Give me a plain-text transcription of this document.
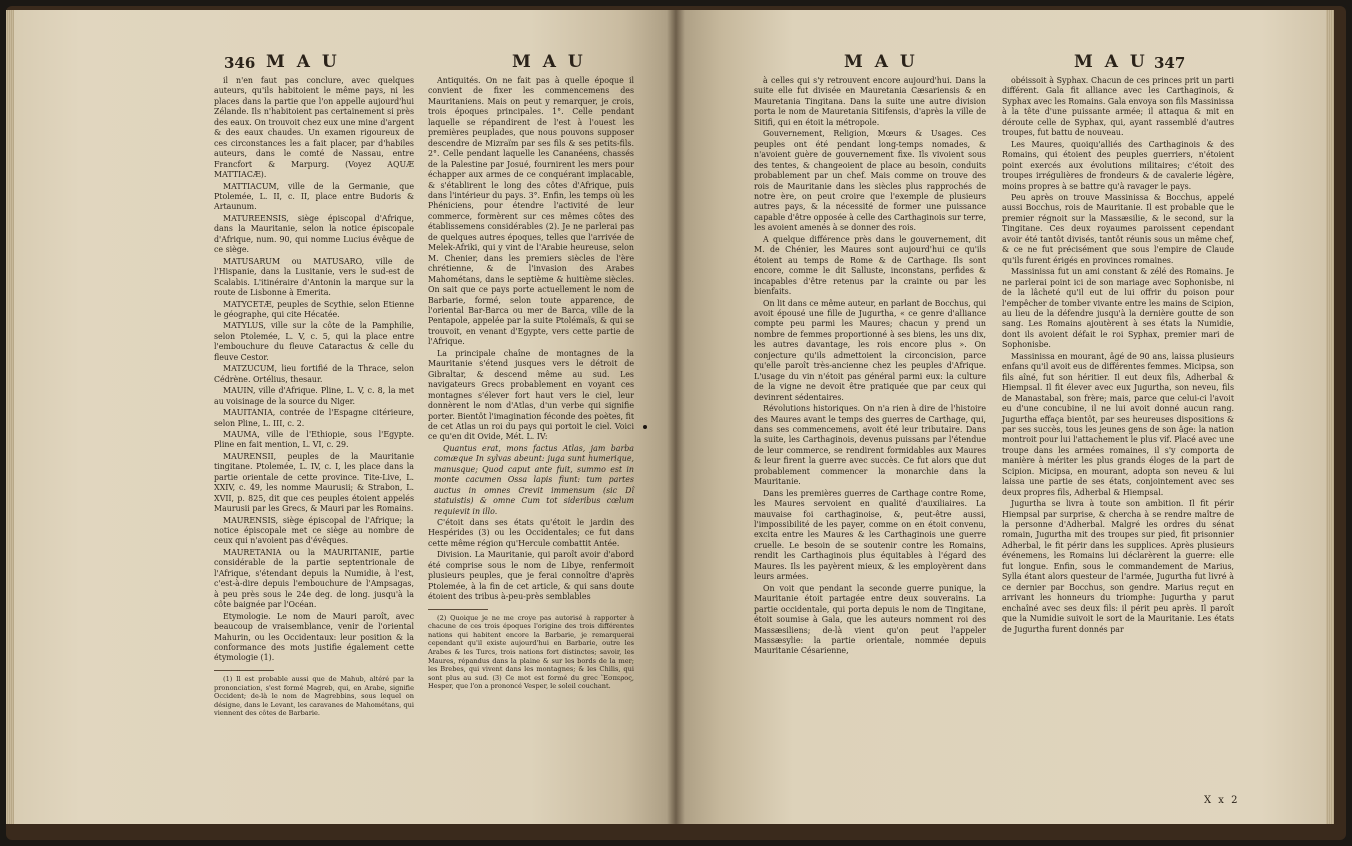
346 M A U	M A U

il n'en faut pas conclure, avec quelques auteurs, qu'ils habitoient le même pays, ni les places dans la partie que l'on appelle aujourd'hui Zélande. Ils n'habitoient pas certainement si près des eaux. On trouvoit chez eux une mine d'argent & des eaux chaudes. Un examen rigoureux de ces circonstances les a fait placer, par d'habiles auteurs, dans le comté de Nassau, entre Francfort & Marpurg. (Voyez AQUÆ MATTIACÆ).

MATTIACUM, ville de la Germanie, que Ptolemée, L. II, c. II, place entre Budoris & Artaunum.

MATUREENSIS, siège épiscopal d'Afrique, dans la Mauritanie, selon la notice épiscopale d'Afrique, num. 90, qui nomme Lucius évêque de ce siège.

MATUSARUM ou MATUSARO, ville de l'Hispanie, dans la Lusitanie, vers le sud-est de Scalabis. L'itinéraire d'Antonin la marque sur la route de Lisbonne à Emerita.

MATYCETÆ, peuples de Scythie, selon Etienne le géographe, qui cite Hécatée.

MATYLUS, ville sur la côte de la Pamphilie, selon Ptolemée, L. V, c. 5, qui la place entre l'embouchure du fleuve Cataractus & celle du fleuve Cestor.

MATZUCUM, lieu fortifié de la Thrace, selon Cédrène. Ortélius, thesaur.

MAUIN, ville d'Afrique. Pline, L. V, c. 8, la met au voisinage de la source du Niger.

MAUITANIA, contrée de l'Espagne citérieure, selon Pline, L. III, c. 2.

MAUMA, ville de l'Ethiopie, sous l'Egypte. Pline en fait mention, L. VI, c. 29.

MAURENSII, peuples de la Mauritanie tingitane. Ptolemée, L. IV, c. I, les place dans la partie orientale de cette province. Tite-Live, L. XXIV, c. 49, les nomme Maurusii; & Strabon, L. XVII, p. 825, dit que ces peuples étoient appelés Maurusii par les Grecs, & Mauri par les Romains.

MAURENSIS, siège épiscopal de l'Afrique; la notice épiscopale met ce siège au nombre de ceux qui n'avoient pas d'évêques.

MAURETANIA ou la MAURITANIE, partie considérable de la partie septentrionale de l'Afrique, s'étendant depuis la Numidie, à l'est, c'est-à-dire depuis l'embouchure de l'Ampsagas, à peu près sous le 24e deg. de long. jusqu'à la côte baignée par l'Océan.

Etymologie. Le nom de Mauri paroît, avec beaucoup de vraisemblance, venir de l'oriental Mahurin, ou les Occidentaux: leur position & la conformance des mots justifie également cette étymologie (1).

(1) Il est probable aussi que de Mahub, altéré par la prononciation, s'est formé Magreb, qui, en Arabe, signifie Occident; de-là le nom de Magrebbins, sous lequel on désigne, dans le Levant, les caravanes de Mahométans, qui viennent des côtes de Barbarie.

Antiquités. On ne fait pas à quelle époque il convient de fixer les commencemens des Mauritaniens. Mais on peut y remarquer, je crois, trois époques principales. 1°. Celle pendant laquelle se répandirent de l'est à l'ouest les premières peuplades, que nous pouvons supposer descendre de Mizraïm par ses fils & ses petits-fils. 2°. Celle pendant laquelle les Cananéens, chassés de la Palestine par Josué, fournirent les mers pour échapper aux armes de ce conquérant implacable, & s'établirent le long des côtes d'Afrique, puis dans l'intérieur du pays. 3°. Enfin, les temps où les Phéniciens, pour étendre l'activité de leur commerce, formèrent sur ces mêmes côtes des établissemens considérables (2). Je ne parlerai pas de quelques autres époques, telles que l'arrivée de Melek-Afriki, qui y vint de l'Arabie heureuse, selon M. Chenier, dans les premiers siècles de l'ère chrétienne, & de l'invasion des Arabes Mahométans, dans le septième & huitième siècles. On sait que ce pays porte actuellement le nom de Barbarie, formé, selon toute apparence, de l'oriental Bar-Barca ou mer de Barca, ville de la Pentapole, appelée par la suite Ptolémaïs, & qui se trouvoit, en venant d'Egypte, vers cette partie de l'Afrique.

La principale chaîne de montagnes de la Mauritanie s'étend jusques vers le détroit de Gibraltar, & descend même au sud. Les navigateurs Grecs probablement en voyant ces montagnes s'élever fort haut vers le ciel, leur donnèrent le nom d'Atlas, d'un verbe qui signifie porter. Bientôt l'imagination féconde des poètes, fit de cet Atlas un roi du pays qui portoit le ciel. Voici ce qu'en dit Ovide, Mét. L. IV:

Quantus erat, mons factus Atlas, jam barba comæque In sylvas abeunt: juga sunt humerique, manusque; Quod caput ante fuit, summo est in monte cacumen Ossa lapis fiunt: tum partes auctus in omnes Crevit immensum (sic Dî statuistis) & omne Cum tot sideribus cœlum requievit in illo.

C'étoit dans ses états qu'étoit le jardin des Hespérides (3) ou les Occidentales; ce fut dans cette même région qu'Hercule combattit Antée.

Division. La Mauritanie, qui paroît avoir d'abord été comprise sous le nom de Libye, renfermoit plusieurs peuples, que je ferai connoître d'après Ptolemée, à la fin de cet article, & qui sans doute étoient des tribus à-peu-près semblables

(2) Quoique je ne me croye pas autorisé à rapporter à chacune de ces trois époques l'origine des trois différentes nations qui habitent encore la Barbarie, je remarquerai cependant qu'il existe aujourd'hui en Barbarie, outre les Arabes & les Turcs, trois nations fort distinctes; savoir, les Maures, répandus dans la plaine & sur les bords de la mer; les Brebes, qui vivent dans les montagnes; & les Chilis, qui sont plus au sud. (3) Ce mot est formé du grec Ἕσπερος, Hesper, que l'on a prononcé Vesper, le soleil couchant.

M A U	M A U 347

à celles qui s'y retrouvent encore aujourd'hui. Dans la suite elle fut divisée en Mauretania Cæsariensis & en Mauretania Tingitana. Dans la suite une autre division porta le nom de Mauretania Sitifensis, d'après la ville de Sitifi, qui en étoit la métropole.

Gouvernement, Religion, Mœurs & Usages. Ces peuples ont été pendant long-temps nomades, & n'avoient guère de gouvernement fixe. Ils vivoient sous des tentes, & changeoient de place au besoin, conduits probablement par un chef. Mais comme on trouve des rois de Mauritanie dans les siècles plus rapprochés de notre ère, on peut croire que l'exemple de plusieurs autres pays, & la nécessité de former une puissance capable d'être opposée à celle des Carthaginois sur terre, les avoient amenés à se donner des rois.

A quelque différence près dans le gouvernement, dit M. de Chénier, les Maures sont aujourd'hui ce qu'ils étoient au temps de Rome & de Carthage. Ils sont encore, comme le dit Salluste, inconstans, perfides & incapables d'être retenus par la crainte ou par les bienfaits.

On lit dans ce même auteur, en parlant de Bocchus, qui avoit épousé une fille de Jugurtha, « ce genre d'alliance compte peu parmi les Maures; chacun y prend un nombre de femmes proportionné à ses biens, les uns dix, les autres davantage, les rois encore plus ». On conjecture qu'ils admettoient la circoncision, parce qu'elle paroît très-ancienne chez les peuples d'Afrique. L'usage du vin n'étoit pas général parmi eux: la culture de la vigne ne devoit être pratiquée que par ceux qui devinrent sédentaires.

Révolutions historiques. On n'a rien à dire de l'histoire des Maures avant le temps des guerres de Carthage, qui, dans ses commencemens, avoit été leur tributaire. Dans la suite, les Carthaginois, devenus puissans par l'étendue de leur commerce, se rendirent formidables aux Maures & leur firent la guerre avec succès. Ce fut alors que dut probablement commencer la monarchie dans la Mauritanie.

Dans les premières guerres de Carthage contre Rome, les Maures servoient en qualité d'auxiliaires. La mauvaise foi carthaginoise, &, peut-être aussi, l'impossibilité de les payer, comme on en étoit convenu, excita entre les Maures & les Carthaginois une guerre cruelle. Le besoin de se soutenir contre les Romains, rendit les Carthaginois plus équitables à l'égard des Maures. Ils les payèrent mieux, & les employèrent dans leurs armées.

On voit que pendant la seconde guerre punique, la Mauritanie étoit partagée entre deux souverains. La partie occidentale, qui porta depuis le nom de Tingitane, étoit soumise à Gala, que les auteurs nomment roi des Massæsiliens; de-là vient qu'on peut l'appeler Massæsylie: la partie orientale, nommée depuis Mauritanie Césarienne,

obéissoit à Syphax. Chacun de ces princes prit un parti différent. Gala fit alliance avec les Carthaginois, & Syphax avec les Romains. Gala envoya son fils Massinissa à la tête d'une puissante armée; il attaqua & mit en déroute celle de Syphax, qui, ayant rassemblé d'autres troupes, fut battu de nouveau.

Les Maures, quoiqu'alliés des Carthaginois & des Romains, qui étoient des peuples guerriers, n'étoient point exercés aux évolutions militaires; c'étoit des troupes irrégulières de frondeurs & de cavalerie légère, moins propres à se battre qu'à ravager le pays.

Peu après on trouve Massinissa & Bocchus, appelé aussi Bocchus, rois de Mauritanie. Il est probable que le premier régnoit sur la Massæsilie, & le second, sur la Tingitane. Ces deux royaumes paroissent cependant avoir été tantôt divisés, tantôt réunis sous un même chef, & ce ne fut précisément que sous l'empire de Claude qu'ils furent érigés en provinces romaines.

Massinissa fut un ami constant & zélé des Romains. Je ne parlerai point ici de son mariage avec Sophonisbe, ni de la lâcheté qu'il eut de lui offrir du poison pour l'empêcher de tomber vivante entre les mains de Scipion, au lieu de la défendre jusqu'à la dernière goutte de son sang. Les Romains ajoutèrent à ses états la Numidie, dont ils avoient défait le roi Syphax, premier mari de Sophonisbe.

Massinissa en mourant, âgé de 90 ans, laissa plusieurs enfans qu'il avoit eus de différentes femmes. Micipsa, son fils aîné, fut son héritier. Il eut deux fils, Adherbal & Hiempsal. Il fit élever avec eux Jugurtha, son neveu, fils de Manastabal, son frère; mais, parce que celui-ci l'avoit eu d'une concubine, il ne lui avoit donné aucun rang. Jugurtha effaça bientôt, par ses heureuses dispositions & par ses succès, tous les jeunes gens de son âge: la nation montroit pour lui l'attachement le plus vif. Placé avec une troupe dans les armées romaines, il s'y comporta de manière à mériter les plus grands éloges de la part de Scipion. Micipsa, en mourant, adopta son neveu & lui laissa une partie de ses états, conjointement avec ses deux propres fils, Adherbal & Hiempsal.

Jugurtha se livra à toute son ambition. Il fit périr Hiempsal par surprise, & chercha à se rendre maître de la personne d'Adherbal. Malgré les ordres du sénat romain, Jugurtha mit des troupes sur pied, fit prisonnier Adherbal, le fit périr dans les supplices. Après plusieurs événemens, les Romains lui déclarèrent la guerre: elle fut longue. Enfin, sous le commandement de Marius, Sylla étant alors questeur de l'armée, Jugurtha fut livré à ce dernier par Bocchus, son gendre. Marius reçut en arrivant les honneurs du triomphe: Jugurtha y parut enchaîné avec ses deux fils: il périt peu après. Il paroît que la Numidie suivoit le sort de la Mauritanie. Les états de Jugurtha furent donnés par

X x 2
